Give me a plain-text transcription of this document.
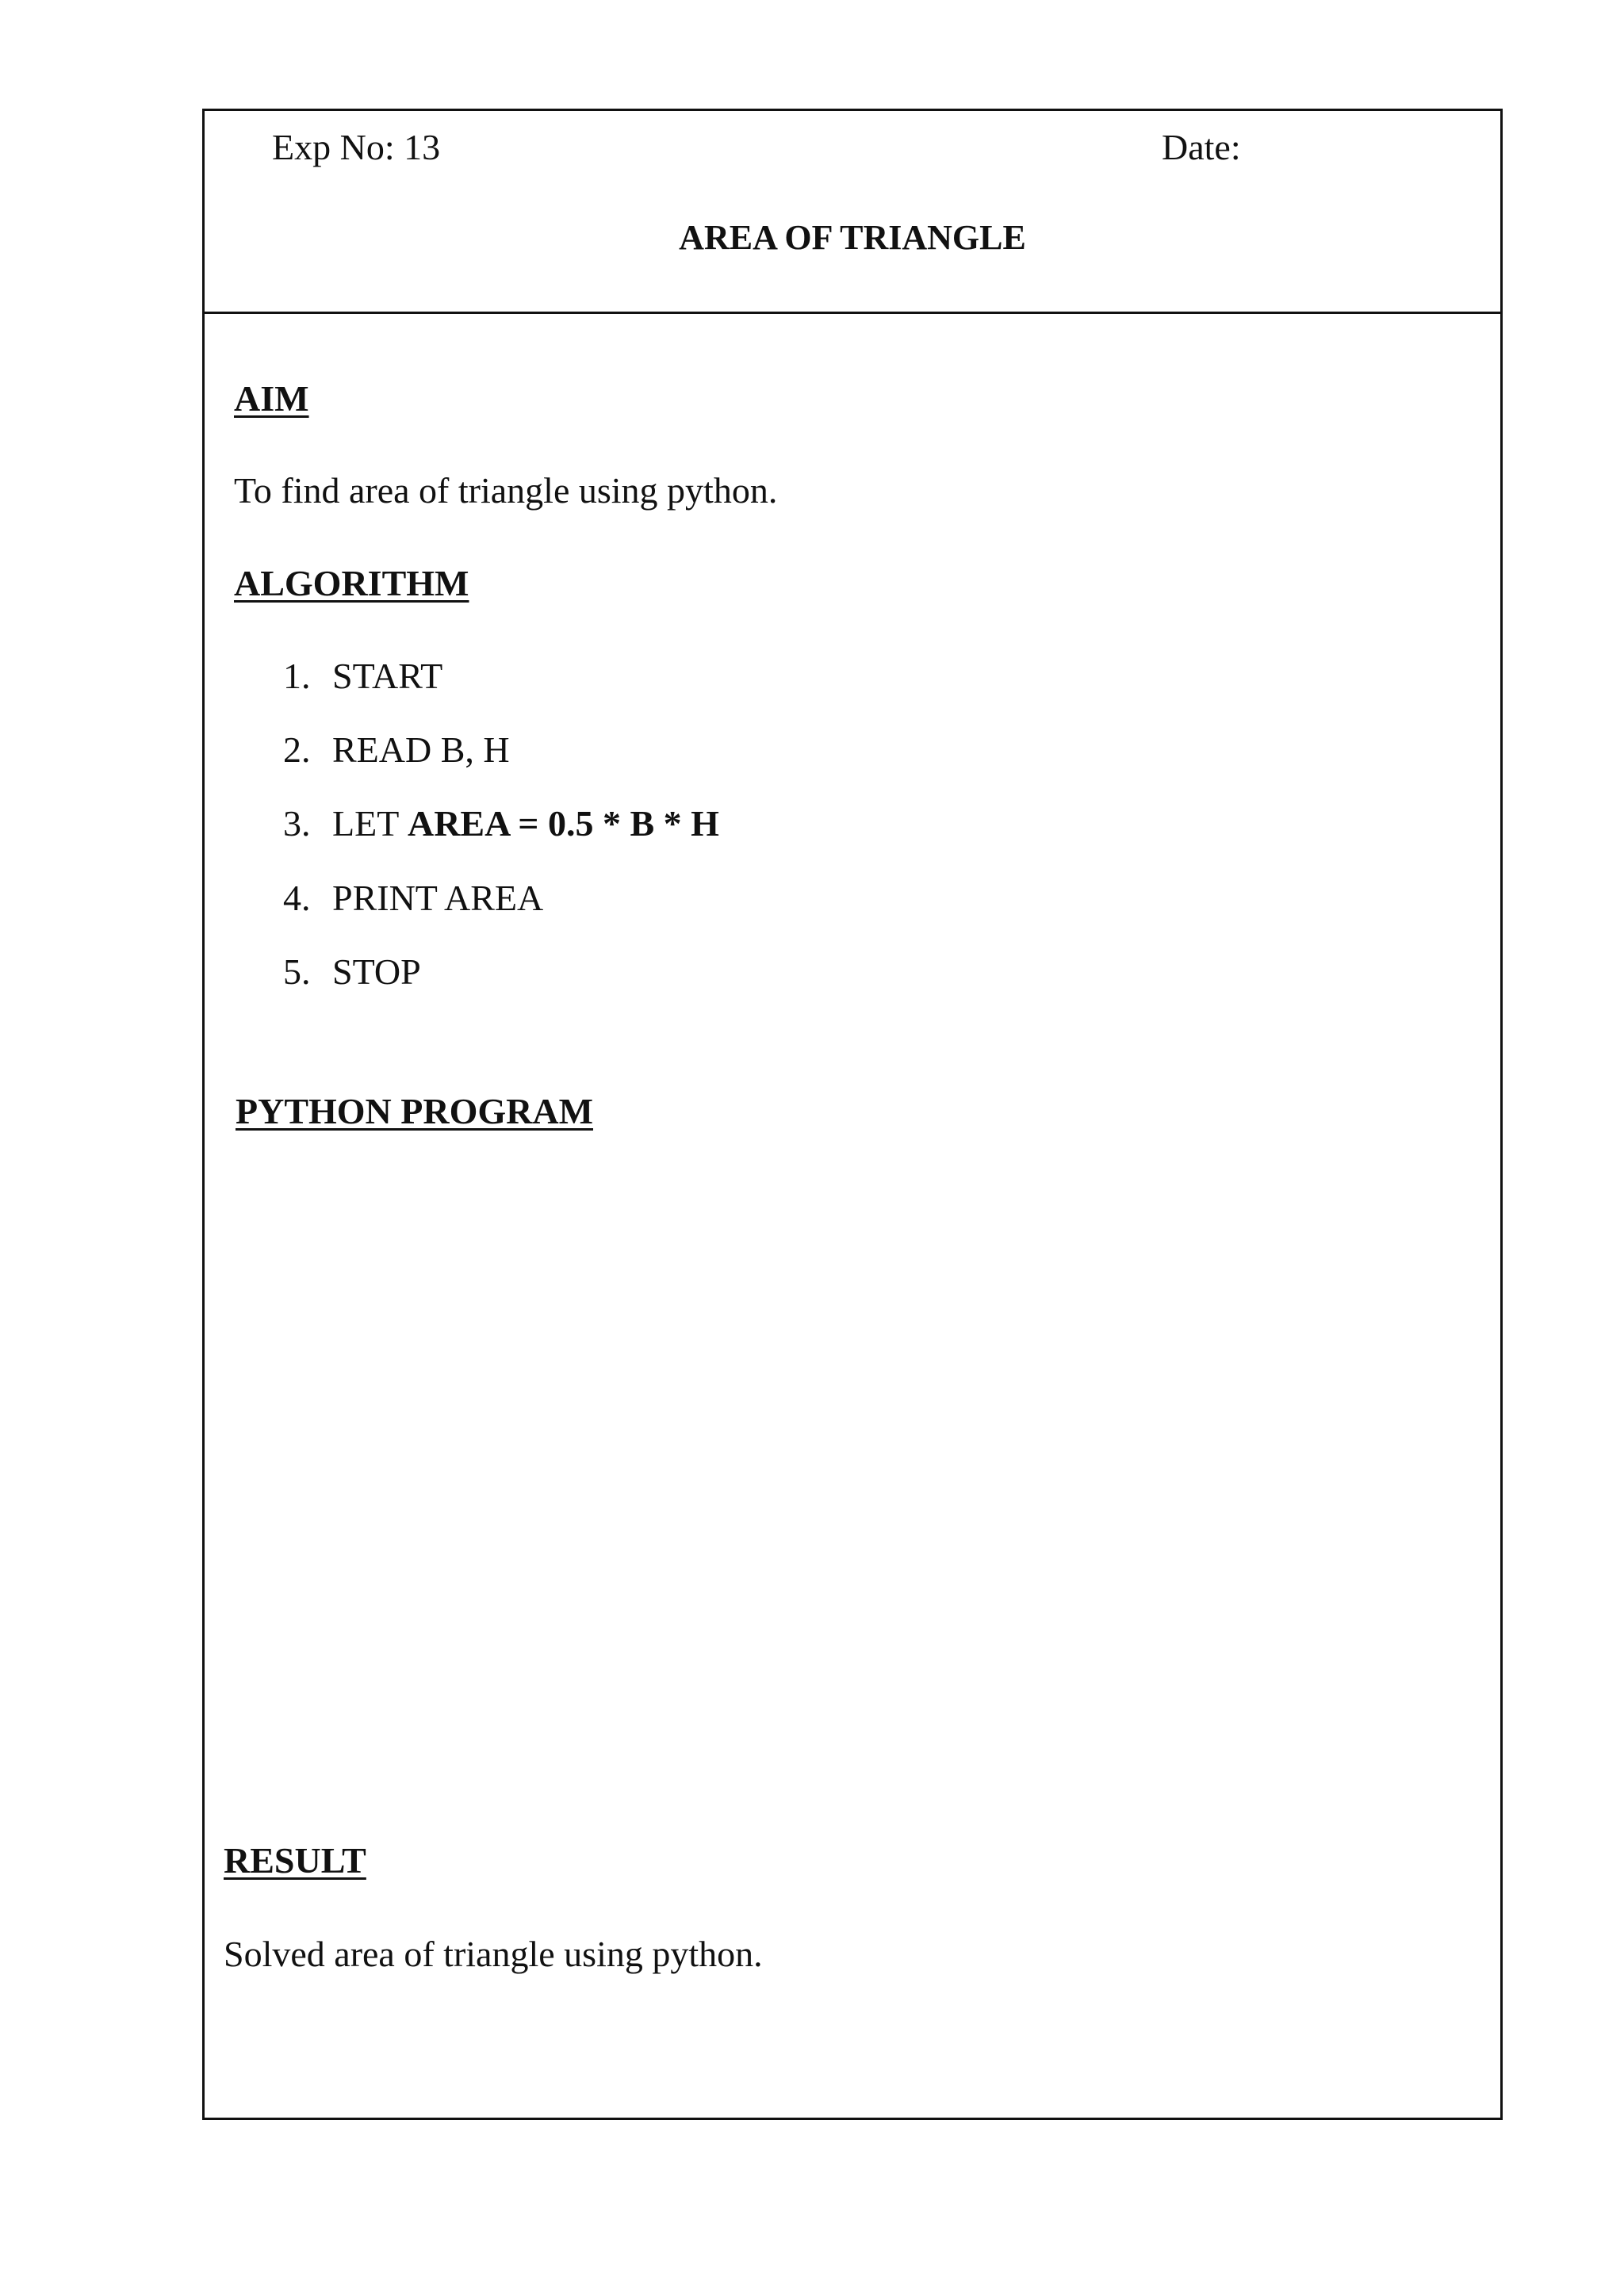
Exp No: 13	Date:
AREA OF TRIANGLE
AIM
To find area of triangle using python.
ALGORITHM
1. START
2. READ B, H
3. LET AREA = 0.5 * B * H
4. PRINT AREA
5. STOP
PYTHON PROGRAM
RESULT
Solved area of triangle using python.
